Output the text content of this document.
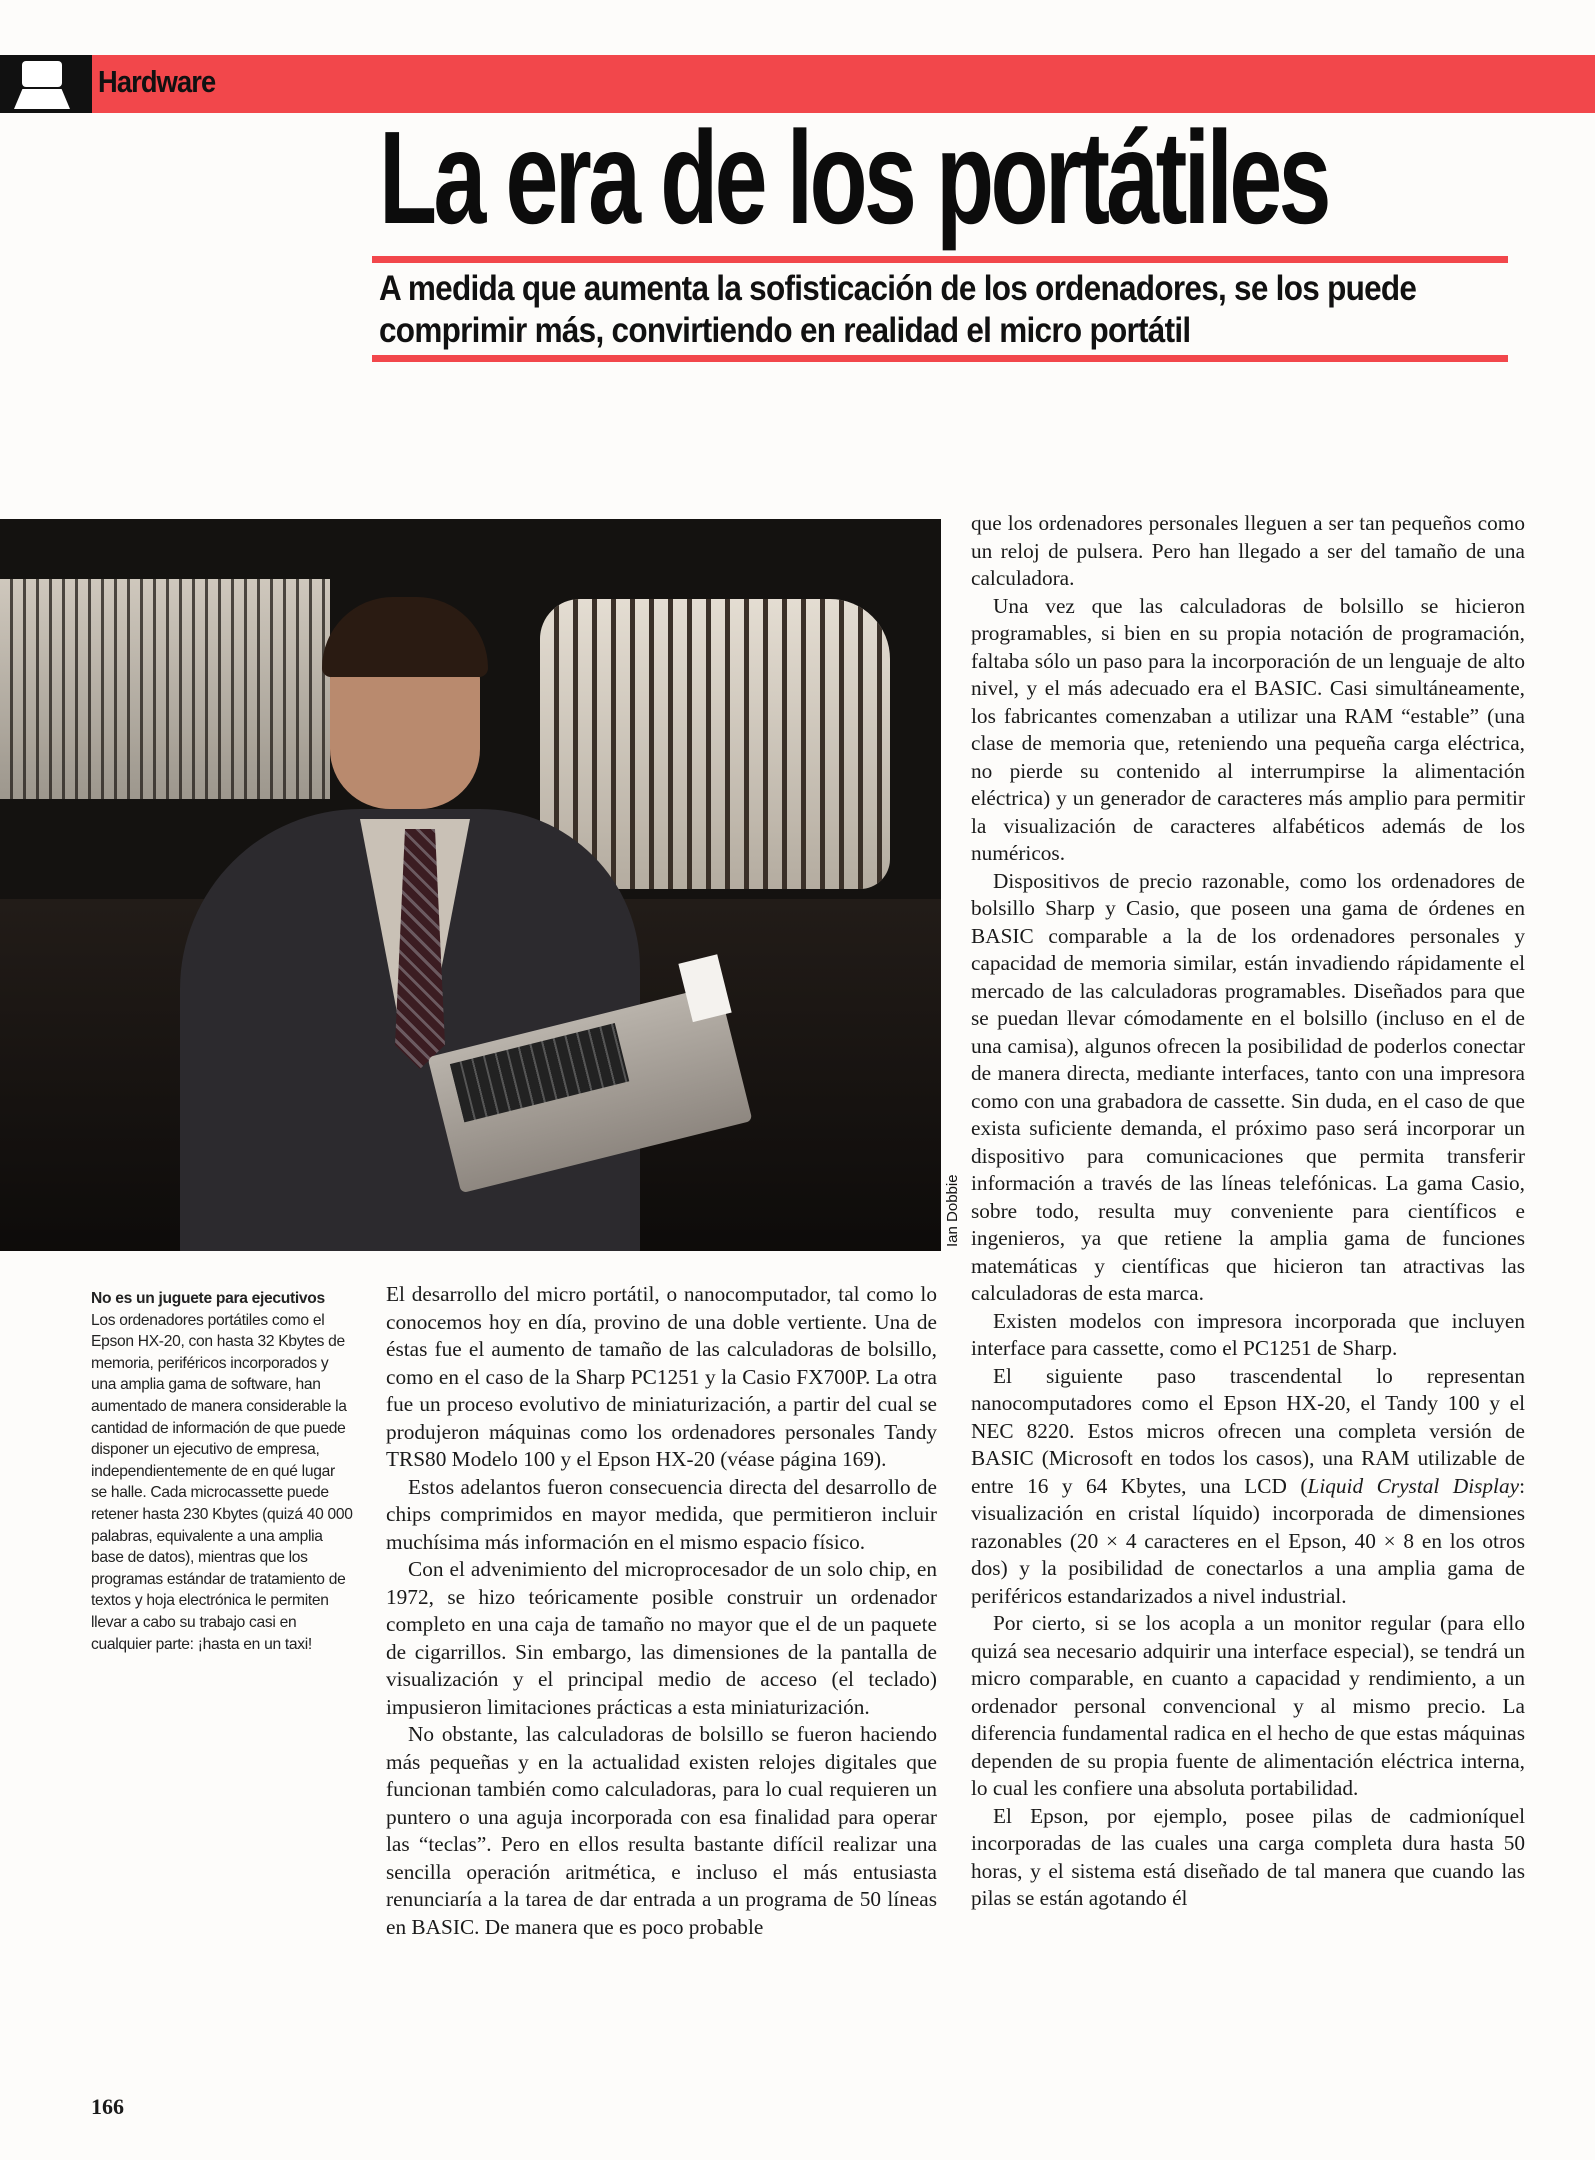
Hardware
La era de los portátiles
A medida que aumenta la sofisticación de los ordenadores, se los puede comprimir más, convirtiendo en realidad el micro portátil
Ian Dobbie
No es un juguete para ejecutivos
Los ordenadores portátiles como el Epson HX-20, con hasta 32 Kbytes de memoria, periféricos incorporados y una amplia gama de software, han aumentado de manera considerable la cantidad de información de que puede disponer un ejecutivo de empresa, independientemente de en qué lugar se halle. Cada microcassette puede retener hasta 230 Kbytes (quizá 40 000 palabras, equivalente a una amplia base de datos), mientras que los programas estándar de tratamiento de textos y hoja electrónica le permiten llevar a cabo su trabajo casi en cualquier parte: ¡hasta en un taxi!

El desarrollo del micro portátil, o nanocomputador, tal como lo conocemos hoy en día, provino de una doble vertiente. Una de éstas fue el aumento de tamaño de las calculadoras de bolsillo, como en el caso de la Sharp PC1251 y la Casio FX700P. La otra fue un proceso evolutivo de miniaturización, a partir del cual se produjeron máquinas como los ordenadores personales Tandy TRS80 Modelo 100 y el Epson HX-20 (véase página 169).

Estos adelantos fueron consecuencia directa del desarrollo de chips comprimidos en mayor medida, que permitieron incluir muchísima más información en el mismo espacio físico.

Con el advenimiento del microprocesador de un solo chip, en 1972, se hizo teóricamente posible construir un ordenador completo en una caja de tamaño no mayor que el de un paquete de cigarrillos. Sin embargo, las dimensiones de la pantalla de visualización y el principal medio de acceso (el teclado) impusieron limitaciones prácticas a esta miniaturización.

No obstante, las calculadoras de bolsillo se fueron haciendo más pequeñas y en la actualidad existen relojes digitales que funcionan también como calculadoras, para lo cual requieren un puntero o una aguja incorporada con esa finalidad para operar las “teclas”. Pero en ellos resulta bastante difícil realizar una sencilla operación aritmética, e incluso el más entusiasta renunciaría a la tarea de dar entrada a un programa de 50 líneas en BASIC. De manera que es poco probable

que los ordenadores personales lleguen a ser tan pequeños como un reloj de pulsera. Pero han llegado a ser del tamaño de una calculadora.

Una vez que las calculadoras de bolsillo se hicieron programables, si bien en su propia notación de programación, faltaba sólo un paso para la incorporación de un lenguaje de alto nivel, y el más adecuado era el BASIC. Casi simultáneamente, los fabricantes comenzaban a utilizar una RAM “estable” (una clase de memoria que, reteniendo una pequeña carga eléctrica, no pierde su contenido al interrumpirse la alimentación eléctrica) y un generador de caracteres más amplio para permitir la visualización de caracteres alfabéticos además de los numéricos.

Dispositivos de precio razonable, como los ordenadores de bolsillo Sharp y Casio, que poseen una gama de órdenes en BASIC comparable a la de los ordenadores personales y capacidad de memoria similar, están invadiendo rápidamente el mercado de las calculadoras programables. Diseñados para que se puedan llevar cómodamente en el bolsillo (incluso en el de una camisa), algunos ofrecen la posibilidad de poderlos conectar de manera directa, mediante interfaces, tanto con una impresora como con una grabadora de cassette. Sin duda, en el caso de que exista suficiente demanda, el próximo paso será incorporar un dispositivo para comunicaciones que permita transferir información a través de las líneas telefónicas. La gama Casio, sobre todo, resulta muy conveniente para científicos e ingenieros, ya que retiene la amplia gama de funciones matemáticas y científicas que hicieron tan atractivas las calculadoras de esta marca.

Existen modelos con impresora incorporada que incluyen interface para cassette, como el PC1251 de Sharp.

El siguiente paso trascendental lo representan nanocomputadores como el Epson HX-20, el Tandy 100 y el NEC 8220. Estos micros ofrecen una completa versión de BASIC (Microsoft en todos los casos), una RAM utilizable de entre 16 y 64 Kbytes, una LCD (Liquid Crystal Display: visualización en cristal líquido) incorporada de dimensiones razonables (20 × 4 caracteres en el Epson, 40 × 8 en los otros dos) y la posibilidad de conectarlos a una amplia gama de periféricos estandarizados a nivel industrial.

Por cierto, si se los acopla a un monitor regular (para ello quizá sea necesario adquirir una interface especial), se tendrá un micro comparable, en cuanto a capacidad y rendimiento, a un ordenador personal convencional y al mismo precio. La diferencia fundamental radica en el hecho de que estas máquinas dependen de su propia fuente de alimentación eléctrica interna, lo cual les confiere una absoluta portabilidad.

El Epson, por ejemplo, posee pilas de cadmioníquel incorporadas de las cuales una carga completa dura hasta 50 horas, y el sistema está diseñado de tal manera que cuando las pilas se están agotando él

166
